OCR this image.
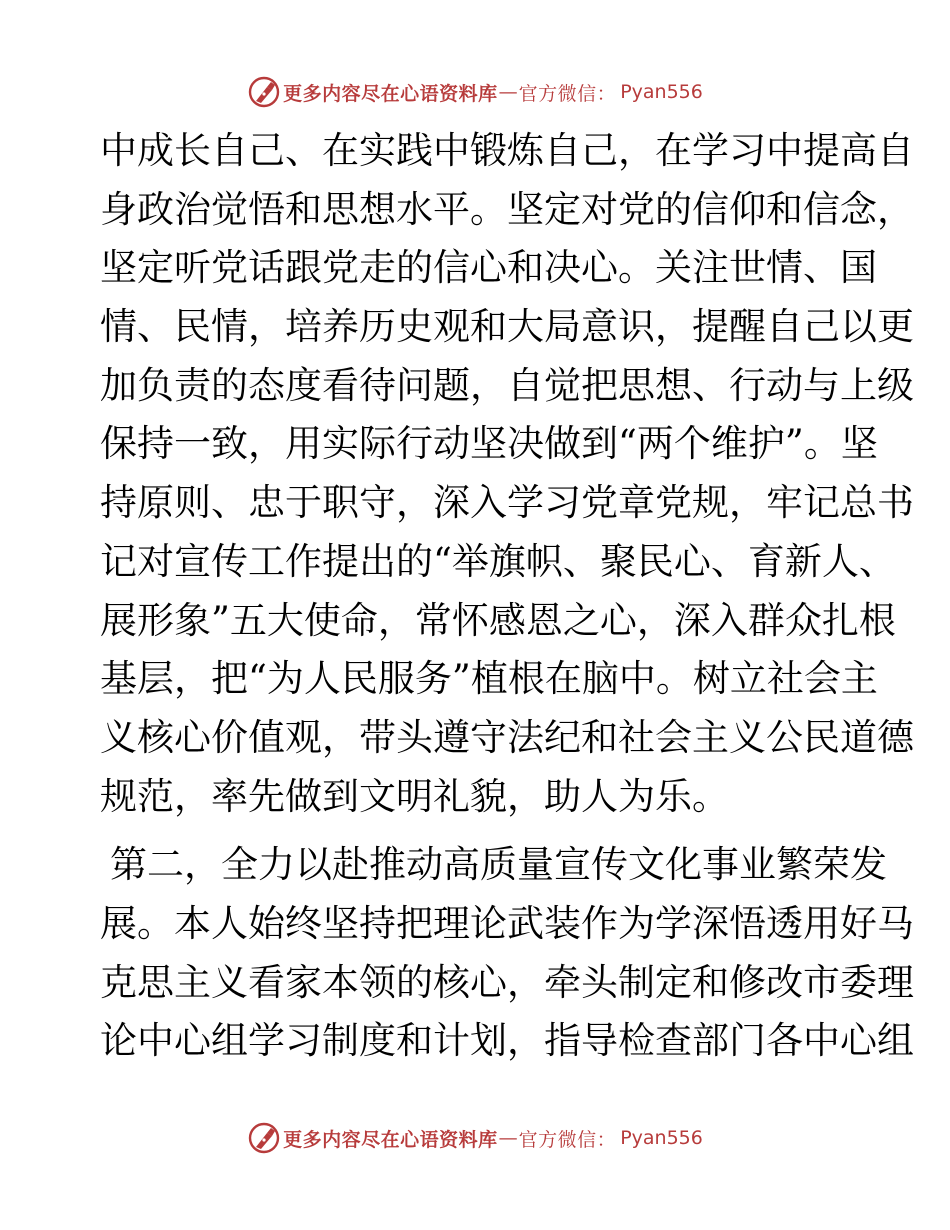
更多内容尽在心语资料库 — 官方微信： Pyan556
中成长自己、在实践中锻炼自己，在学习中提高自
身政治觉悟和思想水平。坚定对党的信仰和信念，
坚定听党话跟党走的信心和决心。关注世情、国
情、民情，培养历史观和大局意识，提醒自己以更
加负责的态度看待问题，自觉把思想、行动与上级
保持一致，用实际行动坚决做到“两个维护”。坚
持原则、忠于职守，深入学习党章党规，牢记总书
记对宣传工作提出的“举旗帜、聚民心、育新人、
展形象”五大使命，常怀感恩之心，深入群众扎根
基层，把“为人民服务”植根在脑中。树立社会主
义核心价值观，带头遵守法纪和社会主义公民道德
规范，率先做到文明礼貌，助人为乐。
第二，全力以赴推动高质量宣传文化事业繁荣发
展。本人始终坚持把理论武装作为学深悟透用好马
克思主义看家本领的核心，牵头制定和修改市委理
论中心组学习制度和计划，指导检查部门各中心组
更多内容尽在心语资料库 — 官方微信： Pyan556
